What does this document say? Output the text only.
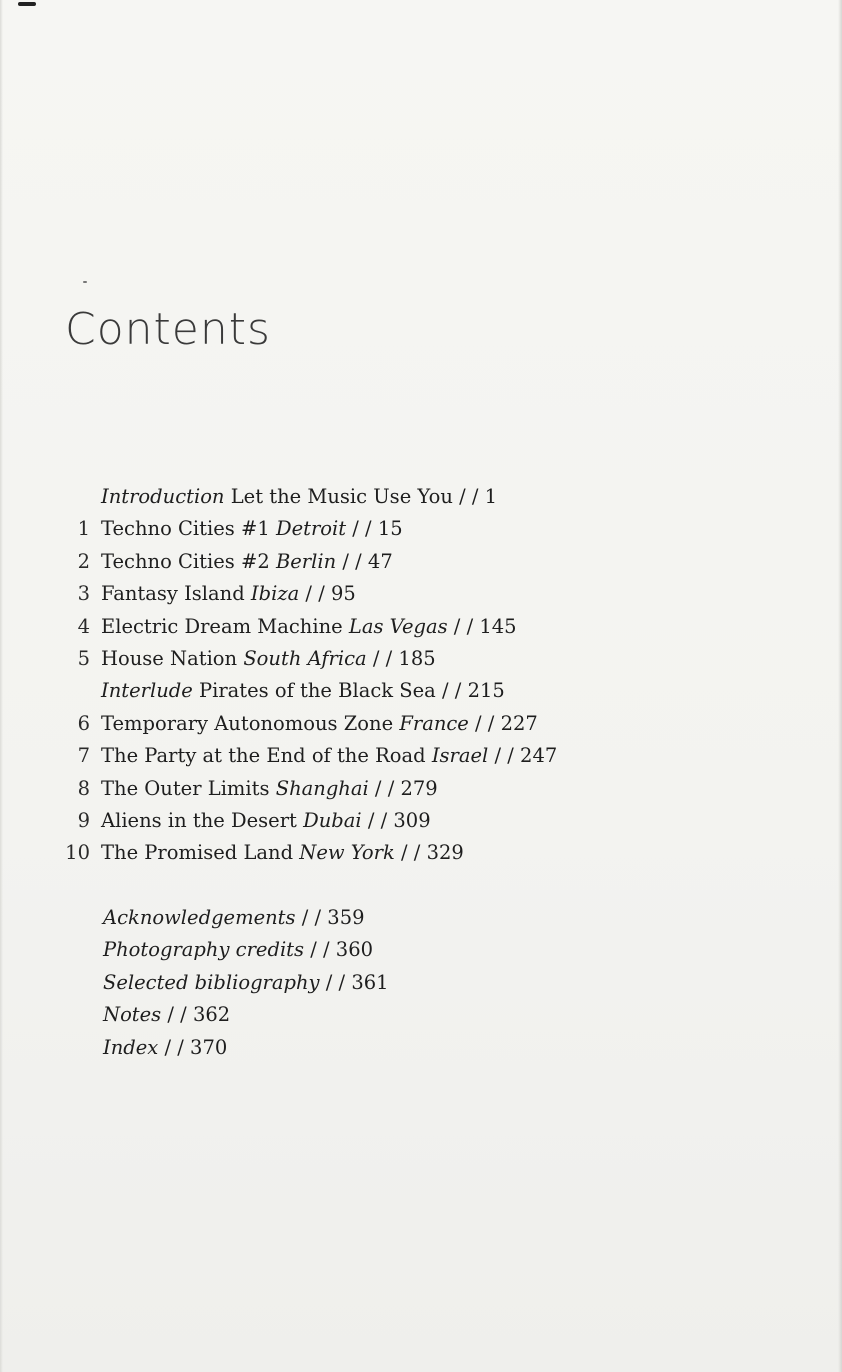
Contents
Introduction Let the Music Use You / / 1
1 Techno Cities #1 Detroit / / 15
2 Techno Cities #2 Berlin / / 47
3 Fantasy Island Ibiza / / 95
4 Electric Dream Machine Las Vegas / / 145
5 House Nation South Africa / / 185
Interlude Pirates of the Black Sea / / 215
6 Temporary Autonomous Zone France / / 227
7 The Party at the End of the Road Israel / / 247
8 The Outer Limits Shanghai / / 279
9 Aliens in the Desert Dubai / / 309
10 The Promised Land New York / / 329
Acknowledgements / / 359
Photography credits / / 360
Selected bibliography / / 361
Notes / / 362
Index / / 370
